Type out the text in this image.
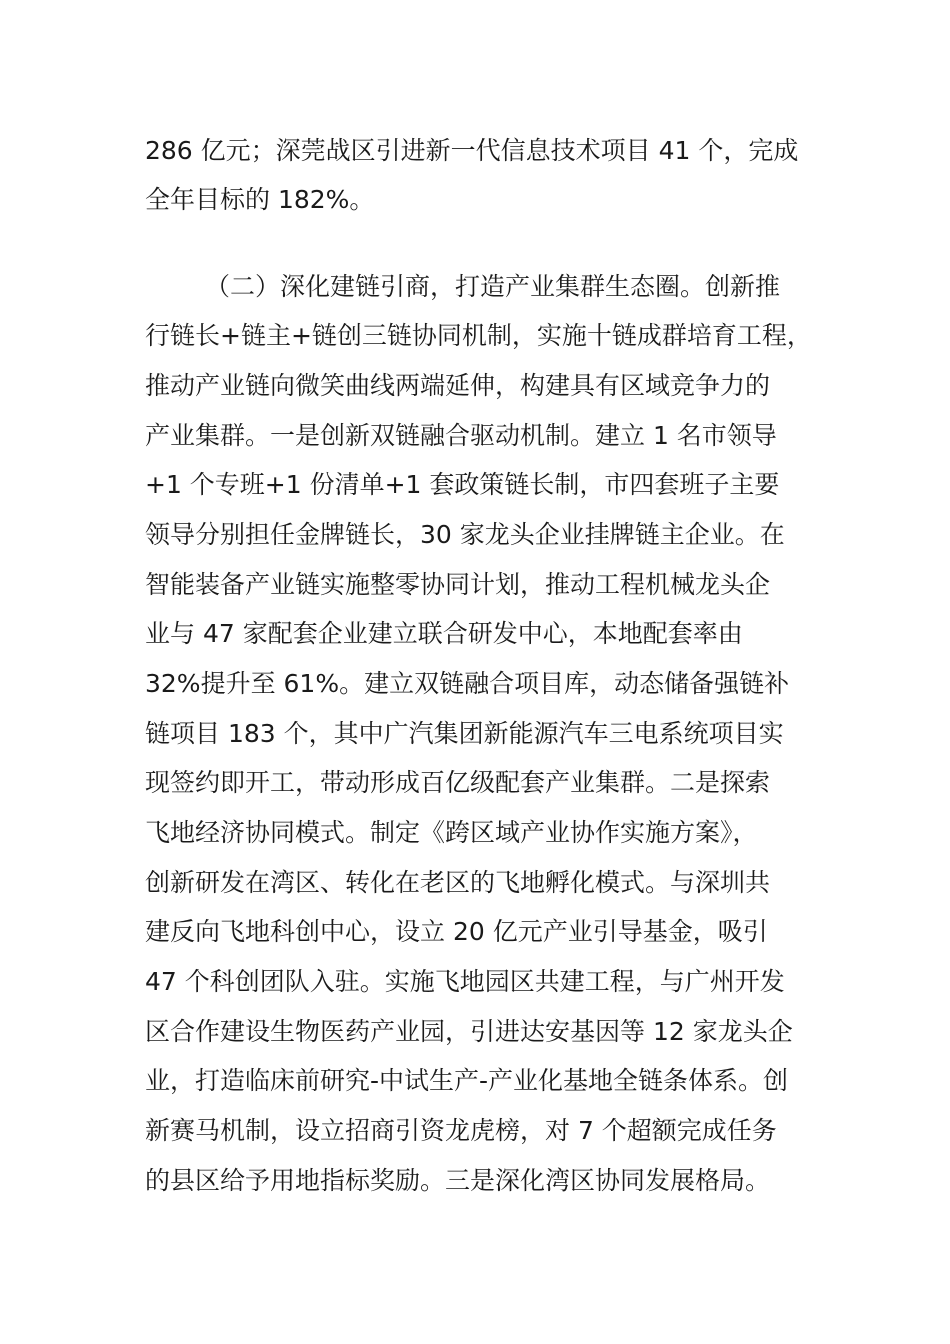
286 亿元；深莞战区引进新一代信息技术项目 41 个，完成
全年目标的 182%。
（二）深化建链引商，打造产业集群生态圈。创新推
行链长+链主+链创三链协同机制，实施十链成群培育工程，
推动产业链向微笑曲线两端延伸，构建具有区域竞争力的
产业集群。一是创新双链融合驱动机制。建立 1 名市领导
+1 个专班+1 份清单+1 套政策链长制，市四套班子主要
领导分别担任金牌链长，30 家龙头企业挂牌链主企业。在
智能装备产业链实施整零协同计划，推动工程机械龙头企
业与 47 家配套企业建立联合研发中心，本地配套率由
32%提升至 61%。建立双链融合项目库，动态储备强链补
链项目 183 个，其中广汽集团新能源汽车三电系统项目实
现签约即开工，带动形成百亿级配套产业集群。二是探索
飞地经济协同模式。制定《跨区域产业协作实施方案》，
创新研发在湾区、转化在老区的飞地孵化模式。与深圳共
建反向飞地科创中心，设立 20 亿元产业引导基金，吸引
47 个科创团队入驻。实施飞地园区共建工程，与广州开发
区合作建设生物医药产业园，引进达安基因等 12 家龙头企
业，打造临床前研究-中试生产-产业化基地全链条体系。创
新赛马机制，设立招商引资龙虎榜，对 7 个超额完成任务
的县区给予用地指标奖励。三是深化湾区协同发展格局。
